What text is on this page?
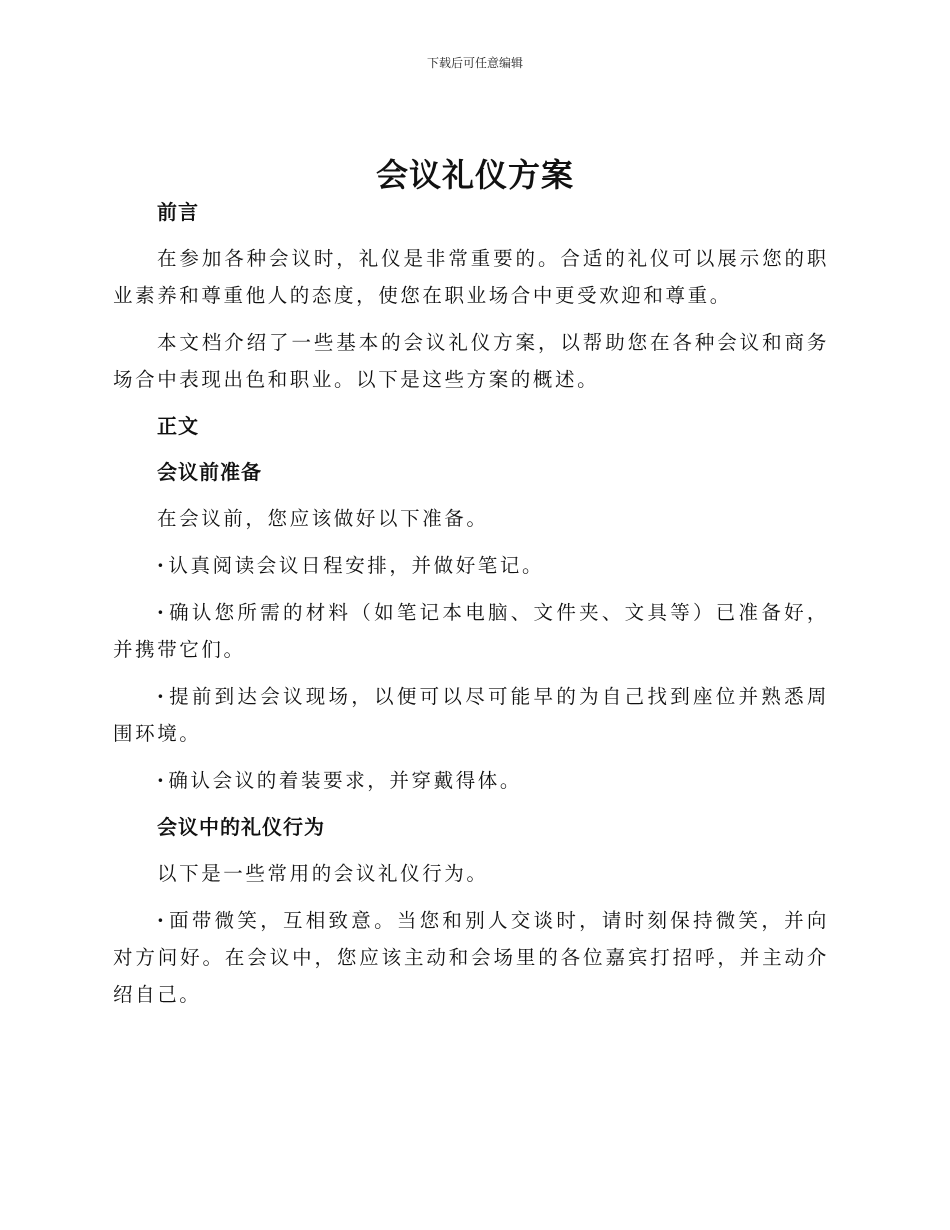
下载后可任意编辑
会议礼仪方案

前言

在参加各种会议时，礼仪是非常重要的。合适的礼仪可以展示您的职业素养和尊重他人的态度，使您在职业场合中更受欢迎和尊重。

本文档介绍了一些基本的会议礼仪方案，以帮助您在各种会议和商务场合中表现出色和职业。以下是这些方案的概述。

正文

会议前准备

在会议前，您应该做好以下准备。

· 认真阅读会议日程安排，并做好笔记。

· 确认您所需的材料（如笔记本电脑、文件夹、文具等）已准备好，并携带它们。

· 提前到达会议现场，以便可以尽可能早的为自己找到座位并熟悉周围环境。

· 确认会议的着装要求，并穿戴得体。

会议中的礼仪行为

以下是一些常用的会议礼仪行为。

· 面带微笑，互相致意。当您和别人交谈时，请时刻保持微笑，并向对方问好。在会议中，您应该主动和会场里的各位嘉宾打招呼，并主动介绍自己。
